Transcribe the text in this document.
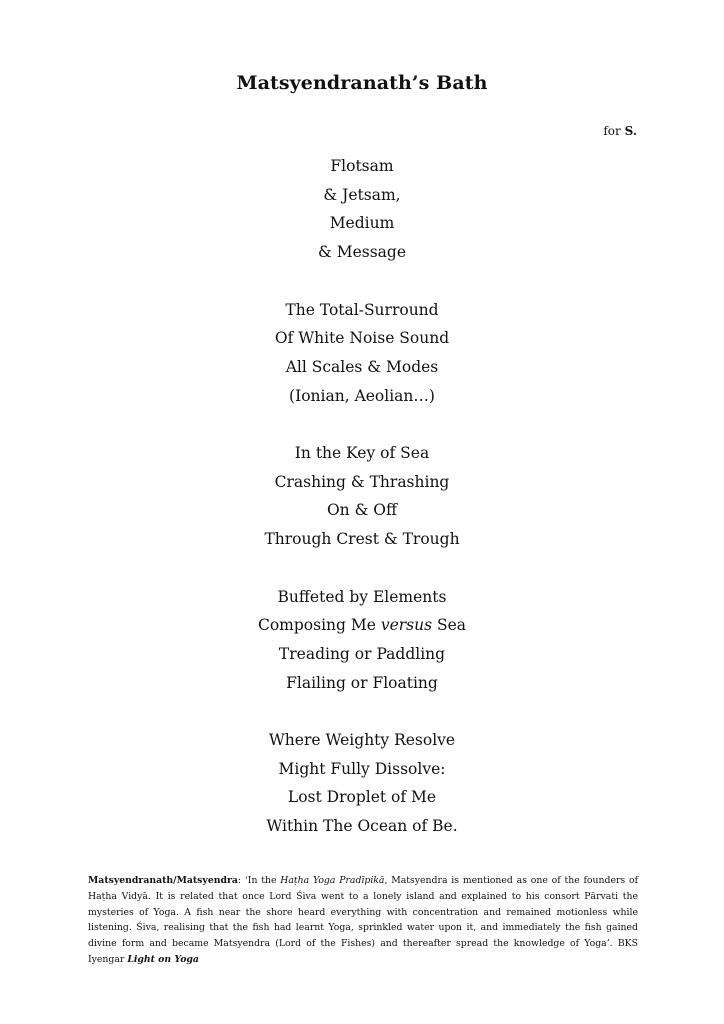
Matsyendranath’s Bath
for S.
Flotsam
& Jetsam,
Medium
& Message
The Total-Surround
Of White Noise Sound
All Scales & Modes
(Ionian, Aeolian…)
In the Key of Sea
Crashing & Thrashing
On & Off
Through Crest & Trough
Buffeted by Elements
Composing Me versus Sea
Treading or Paddling
Flailing or Floating
Where Weighty Resolve
Might Fully Dissolve:
Lost Droplet of Me
Within The Ocean of Be.
Matsyendranath/Matsyendra: ‘In the Haṭha Yoga Pradīpikā, Matsyendra is mentioned as one of the founders of Haṭha Vidyā. It is related that once Lord Śiva went to a lonely island and explained to his consort Pārvati the mysteries of Yoga. A fish near the shore heard everything with concentration and remained motionless while listening. Śiva, realising that the fish had learnt Yoga, sprinkled water upon it, and immediately the fish gained divine form and became Matsyendra (Lord of the Fishes) and thereafter spread the knowledge of Yoga’. BKS Iyengar Light on Yoga
